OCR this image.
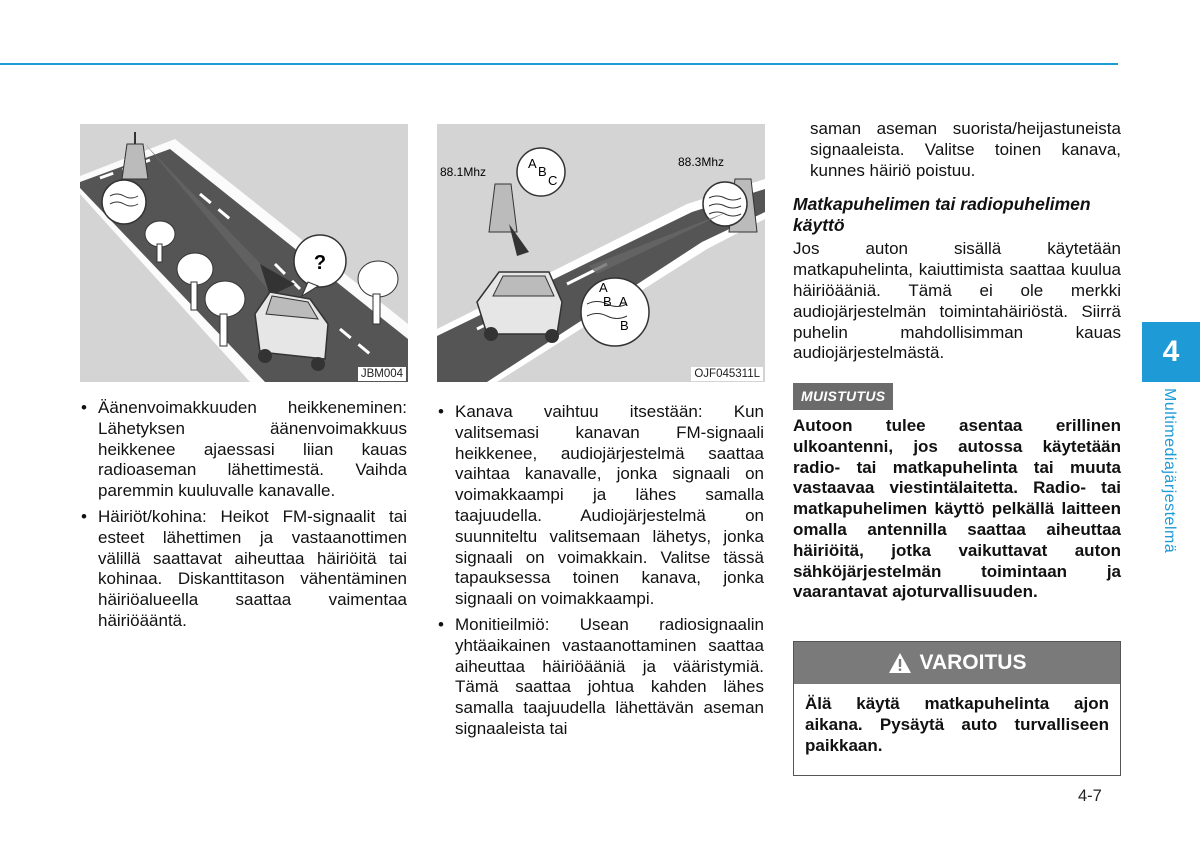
?
JBM004
88.1Mhz
88.3Mhz
A
B
C
A
B A
B
OJF045311L
• Äänenvoimakkuuden heikkeneminen: Lähetyksen äänenvoimakkuus heikkenee ajaessasi liian kauas radioaseman lähettimestä. Vaihda paremmin kuuluvalle kanavalle.
• Häiriöt/kohina: Heikot FM-signaalit tai esteet lähettimen ja vastaanottimen välillä saattavat aiheuttaa häiriöitä tai kohinaa. Diskanttitason vähentäminen häiriöalueella saattaa vaimentaa häiriöääntä.
• Kanava vaihtuu itsestään: Kun valitsemasi kanavan FM-signaali heikkenee, audiojärjestelmä saattaa vaihtaa kanavalle, jonka signaali on voimakkaampi ja lähes samalla taajuudella. Audiojärjestelmä on suunniteltu valitsemaan lähetys, jonka signaali on voimakkain. Valitse tässä tapauksessa toinen kanava, jonka signaali on voimakkaampi.
• Monitieilmiö: Usean radiosignaalin yhtäaikainen vastaanottaminen saattaa aiheuttaa häiriöääniä ja vääristymiä. Tämä saattaa johtua kahden lähes samalla taajuudella lähettävän aseman signaaleista tai
saman aseman suorista/heijastuneista signaaleista. Valitse toinen kanava, kunnes häiriö poistuu.
Matkapuhelimen tai radiopuhelimen käyttö
Jos auton sisällä käytetään matkapuhelinta, kaiuttimista saattaa kuulua häiriöääniä. Tämä ei ole merkki audiojärjestelmän toimintahäiriöstä. Siirrä puhelin mahdollisimman kauas audiojärjestelmästä.
MUISTUTUS
Autoon tulee asentaa erillinen ulkoantenni, jos autossa käytetään radio- tai matkapuhelinta tai muuta vastaavaa viestintälaitetta. Radio- tai matkapuhelimen käyttö pelkällä laitteen omalla antennilla saattaa aiheuttaa häiriöitä, jotka vaikuttavat auton sähköjärjestelmän toimintaan ja vaarantavat ajoturvallisuuden.
VAROITUS
Älä käytä matkapuhelinta ajon aikana. Pysäytä auto turvalliseen paikkaan.
4
Multimediajärjestelmä
4-7
